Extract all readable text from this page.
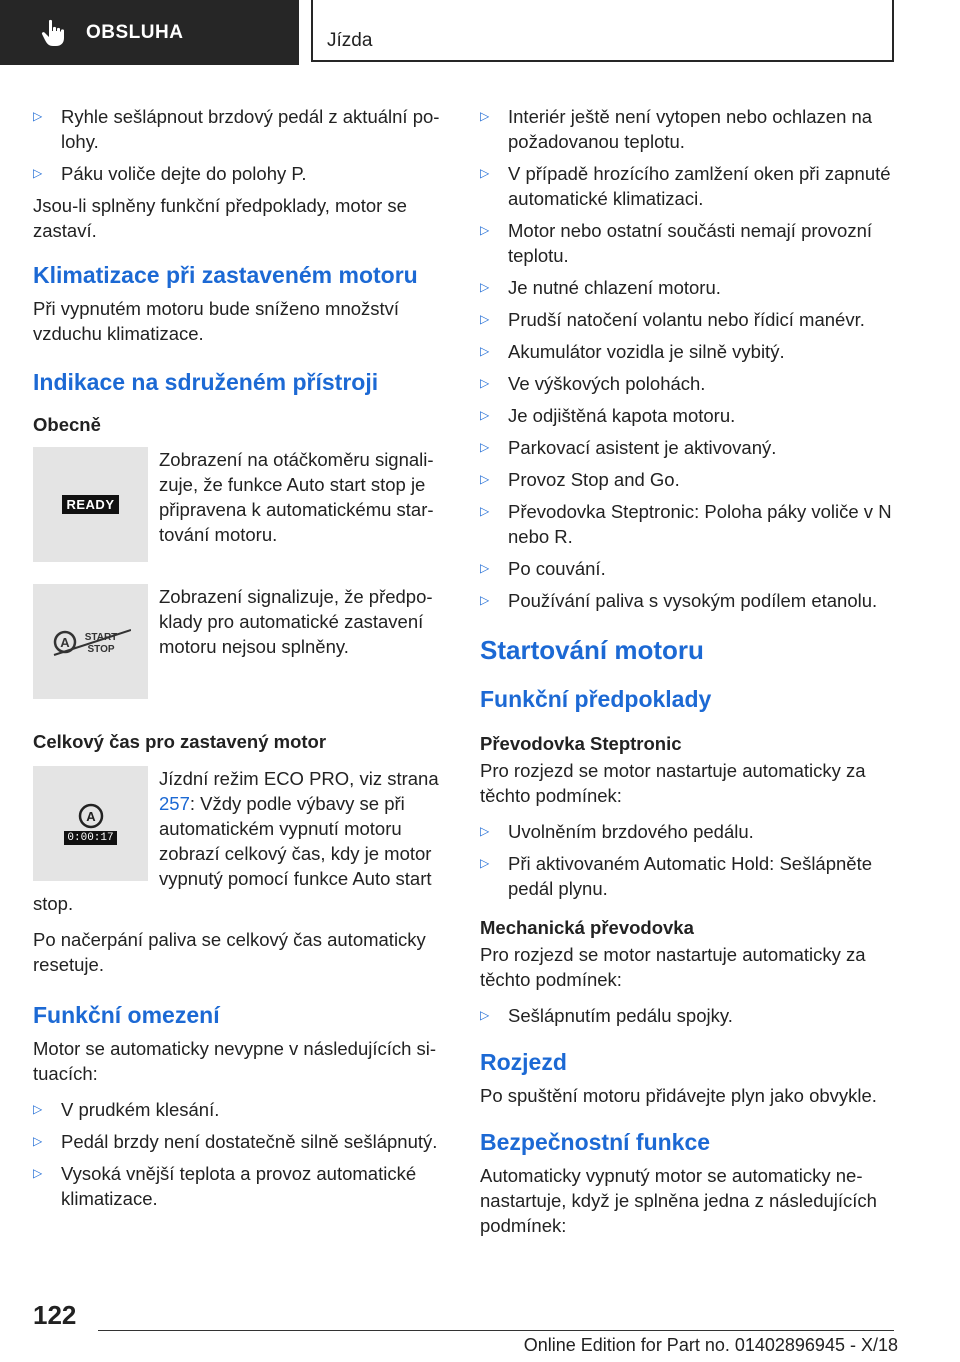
OBSLUHA	Jízda
▷	Ryhle sešlápnout brzdový pedál z aktuální polohy.
▷	Páku voliče dejte do polohy P.

Jsou-li splněny funkční předpoklady, motor se zastaví.

Klimatizace při zastaveném motoru

Při vypnutém motoru bude sníženo množství vzduchu klimatizace.

Indikace na sdruženém přístroji
Obecně
READY

Zobrazení na otáčkoměru signalizuje, že funkce Auto start stop je připravena k automatickému startování motoru.

A START
STOP

Zobrazení signalizuje, že předpoklady pro automatické zastavení motoru nejsou splněny.

Celkový čas pro zastavený motor
A
0:00:17

Jízdní režim ECO PRO, viz strana 257: Vždy podle výbavy se při automatickém vypnutí motoru zobrazí celkový čas, kdy je motor vypnutý pomocí funkce Auto start stop.

Po načerpání paliva se celkový čas automaticky resetuje.

Funkční omezení

Motor se automaticky nevypne v následujících situacích:

▷	V prudkém klesání.
▷	Pedál brzdy není dostatečně silně sešlápnutý.
▷	Vysoká vnější teplota a provoz automatické klimatizace.
▷	Interiér ještě není vytopen nebo ochlazen na požadovanou teplotu.
▷	V případě hrozícího zamlžení oken při zapnuté automatické klimatizaci.
▷	Motor nebo ostatní součásti nemají provozní teplotu.
▷	Je nutné chlazení motoru.
▷	Prudší natočení volantu nebo řídicí manévr.
▷	Akumulátor vozidla je silně vybitý.
▷	Ve výškových polohách.
▷	Je odjištěná kapota motoru.
▷	Parkovací asistent je aktivovaný.
▷	Provoz Stop and Go.
▷	Převodovka Steptronic: Poloha páky voliče v N nebo R.
▷	Po couvání.
▷	Používání paliva s vysokým podílem etanolu.
Startování motoru
Funkční předpoklady
Převodovka Steptronic

Pro rozjezd se motor nastartuje automaticky za těchto podmínek:

▷	Uvolněním brzdového pedálu.
▷	Při aktivovaném Automatic Hold: Sešlápněte pedál plynu.
Mechanická převodovka

Pro rozjezd se motor nastartuje automaticky za těchto podmínek:

▷	Sešlápnutím pedálu spojky.
Rozjezd

Po spuštění motoru přidávejte plyn jako obvykle.

Bezpečnostní funkce

Automaticky vypnutý motor se automaticky nenastartuje, když je splněna jedna z následujících podmínek:

122
Online Edition for Part no. 01402896945 - X/18
